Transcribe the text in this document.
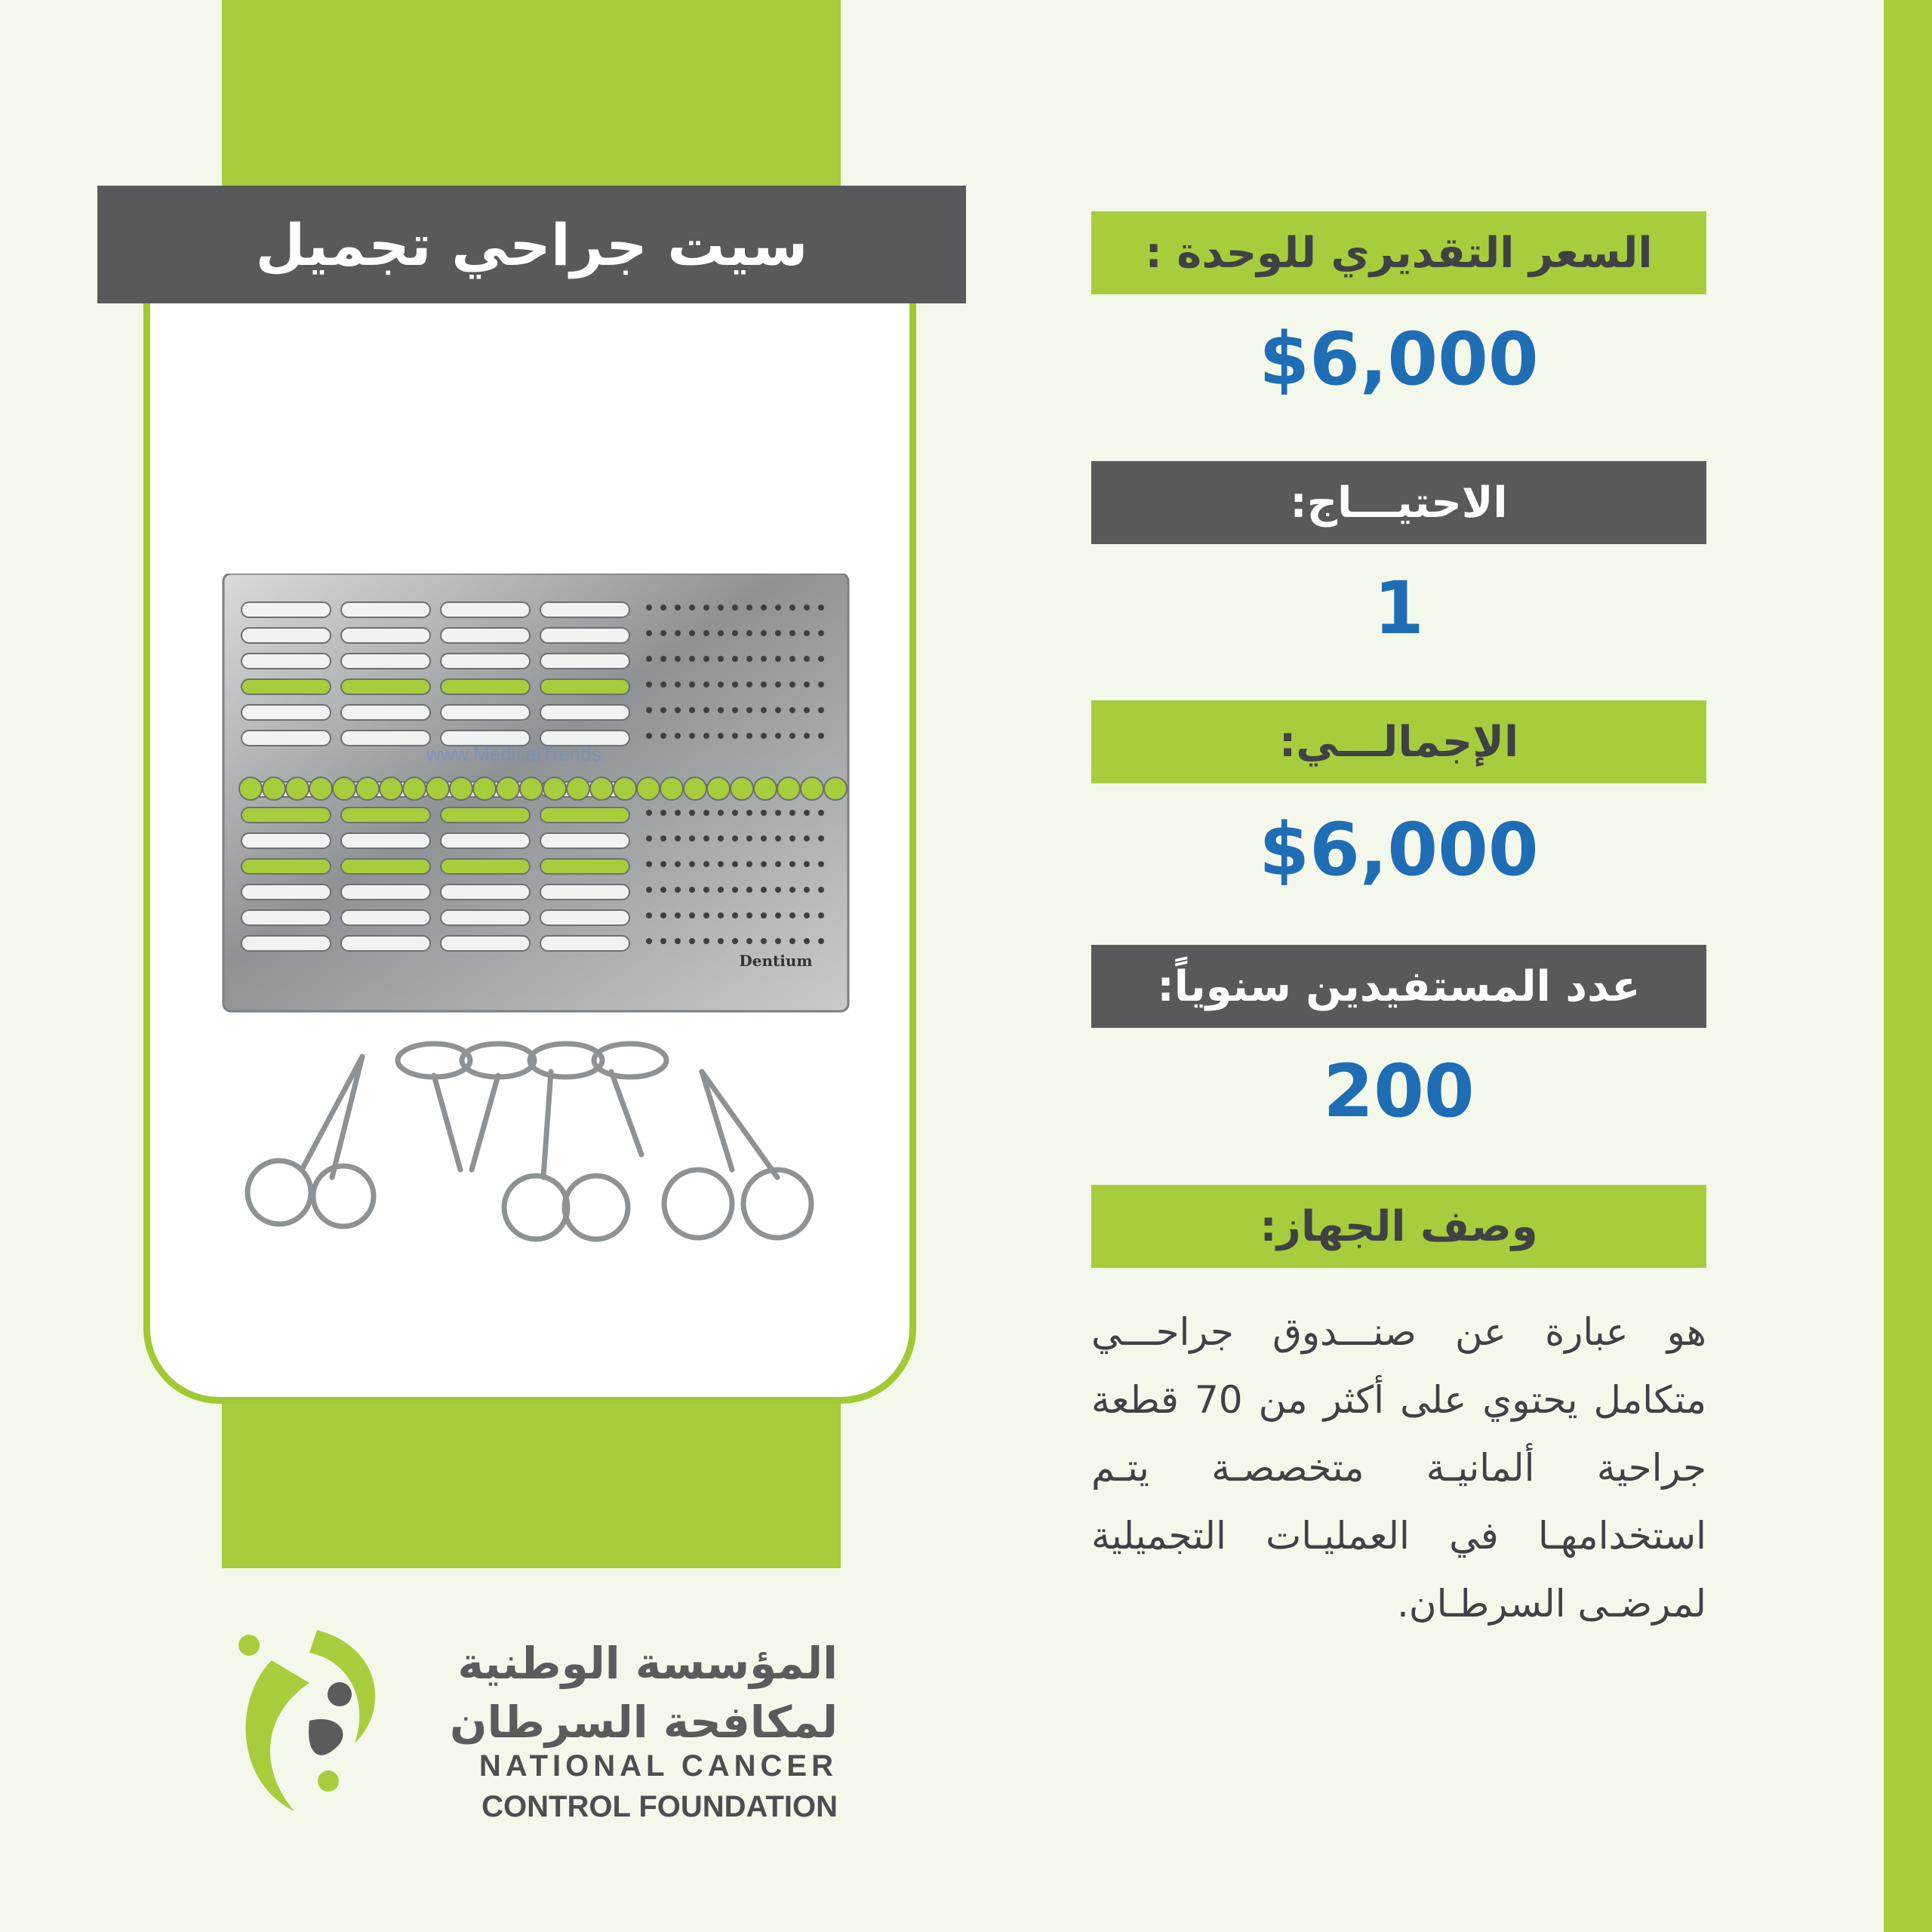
سيت جراحي تجميل
Dentium
www.MedicalTrends
السعر التقديري للوحدة :
$6,000
الاحتيـــاج:
1
الإجمالـــي:
$6,000
عدد المستفيدين سنوياً:
200
وصف الجهاز:
هو عبارة عن صنـــدوق جراحـــي متكامل يحتوي على أكثر من 70 قطعة جراحية ألمانيـة متخصصـة يتـم استخدامهـا في العمليـات التجميلية لمرضـى السرطـان.
المؤسسة الوطنية
لمكافحة السرطان
NATIONAL CANCER
CONTROL FOUNDATION
